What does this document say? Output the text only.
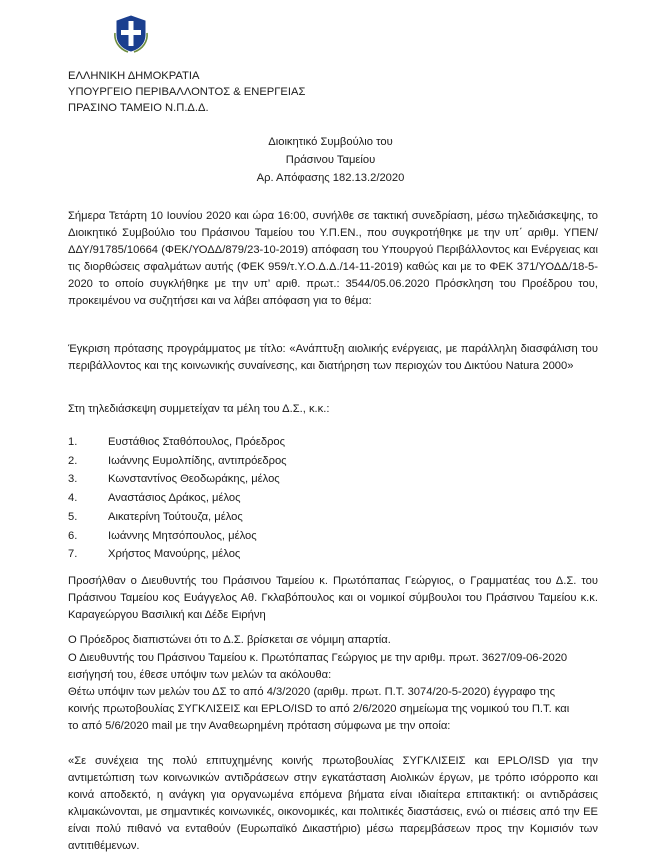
ΕΛΛΗΝΙΚΗ ΔΗΜΟΚΡΑΤΙΑ
ΥΠΟΥΡΓΕΙΟ ΠΕΡΙΒΑΛΛΟΝΤΟΣ & ΕΝΕΡΓΕΙΑΣ
ΠΡΑΣΙΝΟ ΤΑΜΕΙΟ Ν.Π.Δ.Δ.
Διοικητικό Συμβούλιο του
Πράσινου Ταμείου
Αρ. Απόφασης 182.13.2/2020
Σήμερα Τετάρτη 10 Ιουνίου 2020 και ώρα 16:00, συνήλθε σε τακτική συνεδρίαση, μέσω τηλεδιάσκεψης, το Διοικητικό Συμβούλιο του Πράσινου Ταμείου του Υ.Π.ΕΝ., που συγκροτήθηκε με την υπ΄ αριθμ. ΥΠΕΝ/ΔΔΥ/91785/10664 (ΦΕΚ/ΥΟΔΔ/879/23-10-2019) απόφαση του Υπουργού Περιβάλλοντος και Ενέργειας και τις διορθώσεις σφαλμάτων αυτής (ΦΕΚ 959/τ.Υ.Ο.Δ.Δ./14-11-2019) καθώς και με το ΦΕΚ 371/ΥΟΔΔ/18-5-2020 το οποίο συγκλήθηκε με την υπ’ αριθ. πρωτ.: 3544/05.06.2020 Πρόσκληση του Προέδρου του, προκειμένου να συζητήσει και να λάβει απόφαση για το θέμα:
Έγκριση πρότασης προγράμματος με τίτλο: «Ανάπτυξη αιολικής ενέργειας, με παράλληλη διασφάλιση του περιβάλλοντος και της κοινωνικής συναίνεσης, και διατήρηση των περιοχών του Δικτύου Natura 2000»
Στη τηλεδιάσκεψη συμμετείχαν τα μέλη του Δ.Σ., κ.κ.:
1.	Ευστάθιος Σταθόπουλος, Πρόεδρος
2.	Ιωάννης Ευμολπίδης, αντιπρόεδρος
3.	Κωνσταντίνος Θεοδωράκης, μέλος
4.	Αναστάσιος Δράκος, μέλος
5.	Αικατερίνη Τούτουζα, μέλος
6.	Ιωάννης Μητσόπουλος, μέλος
7.	Χρήστος Μανούρης, μέλος
Προσήλθαν ο Διευθυντής του Πράσινου Ταμείου κ. Πρωτόπαπας Γεώργιος, ο Γραμματέας του Δ.Σ. του Πράσινου Ταμείου κος Ευάγγελος Αθ. Γκλαβόπουλος και οι νομικοί σύμβουλοι του Πράσινου Ταμείου κ.κ. Καραγεώργου Βασιλική και Δέδε Ειρήνη
Ο Πρόεδρος διαπιστώνει ότι το Δ.Σ. βρίσκεται σε νόμιμη απαρτία.
Ο Διευθυντής του Πράσινου Ταμείου κ. Πρωτόπαπας Γεώργιος με την αριθμ. πρωτ. 3627/09-06-2020
εισήγησή του, έθεσε υπόψιν των μελών τα ακόλουθα:
Θέτω υπόψιν των μελών του ΔΣ το από 4/3/2020 (αριθμ. πρωτ. Π.Τ. 3074/20-5-2020) έγγραφο της
κοινής πρωτοβουλίας ΣΥΓΚΛΙΣΕΙΣ και EPLO/ISD το από 2/6/2020 σημείωμα της νομικού του Π.Τ. και
το από 5/6/2020 mail με την Αναθεωρημένη πρόταση σύμφωνα με την οποία:
«Σε συνέχεια της πολύ επιτυχημένης κοινής πρωτοβουλίας ΣΥΓΚΛΙΣΕΙΣ και EPLO/ISD για την αντιμετώπιση των κοινωνικών αντιδράσεων στην εγκατάσταση Αιολικών έργων, με τρόπο ισόρροπο και κοινά αποδεκτό, η ανάγκη για οργανωμένα επόμενα βήματα είναι ιδιαίτερα επιτακτική: οι αντιδράσεις κλιμακώνονται, με σημαντικές κοινωνικές, οικονομικές, και πολιτικές διαστάσεις, ενώ οι πιέσεις από την ΕΕ είναι πολύ πιθανό να ενταθούν (Ευρωπαϊκό Δικαστήριο) μέσω παρεμβάσεων προς την Κομισιόν των αντιτιθέμενων.
